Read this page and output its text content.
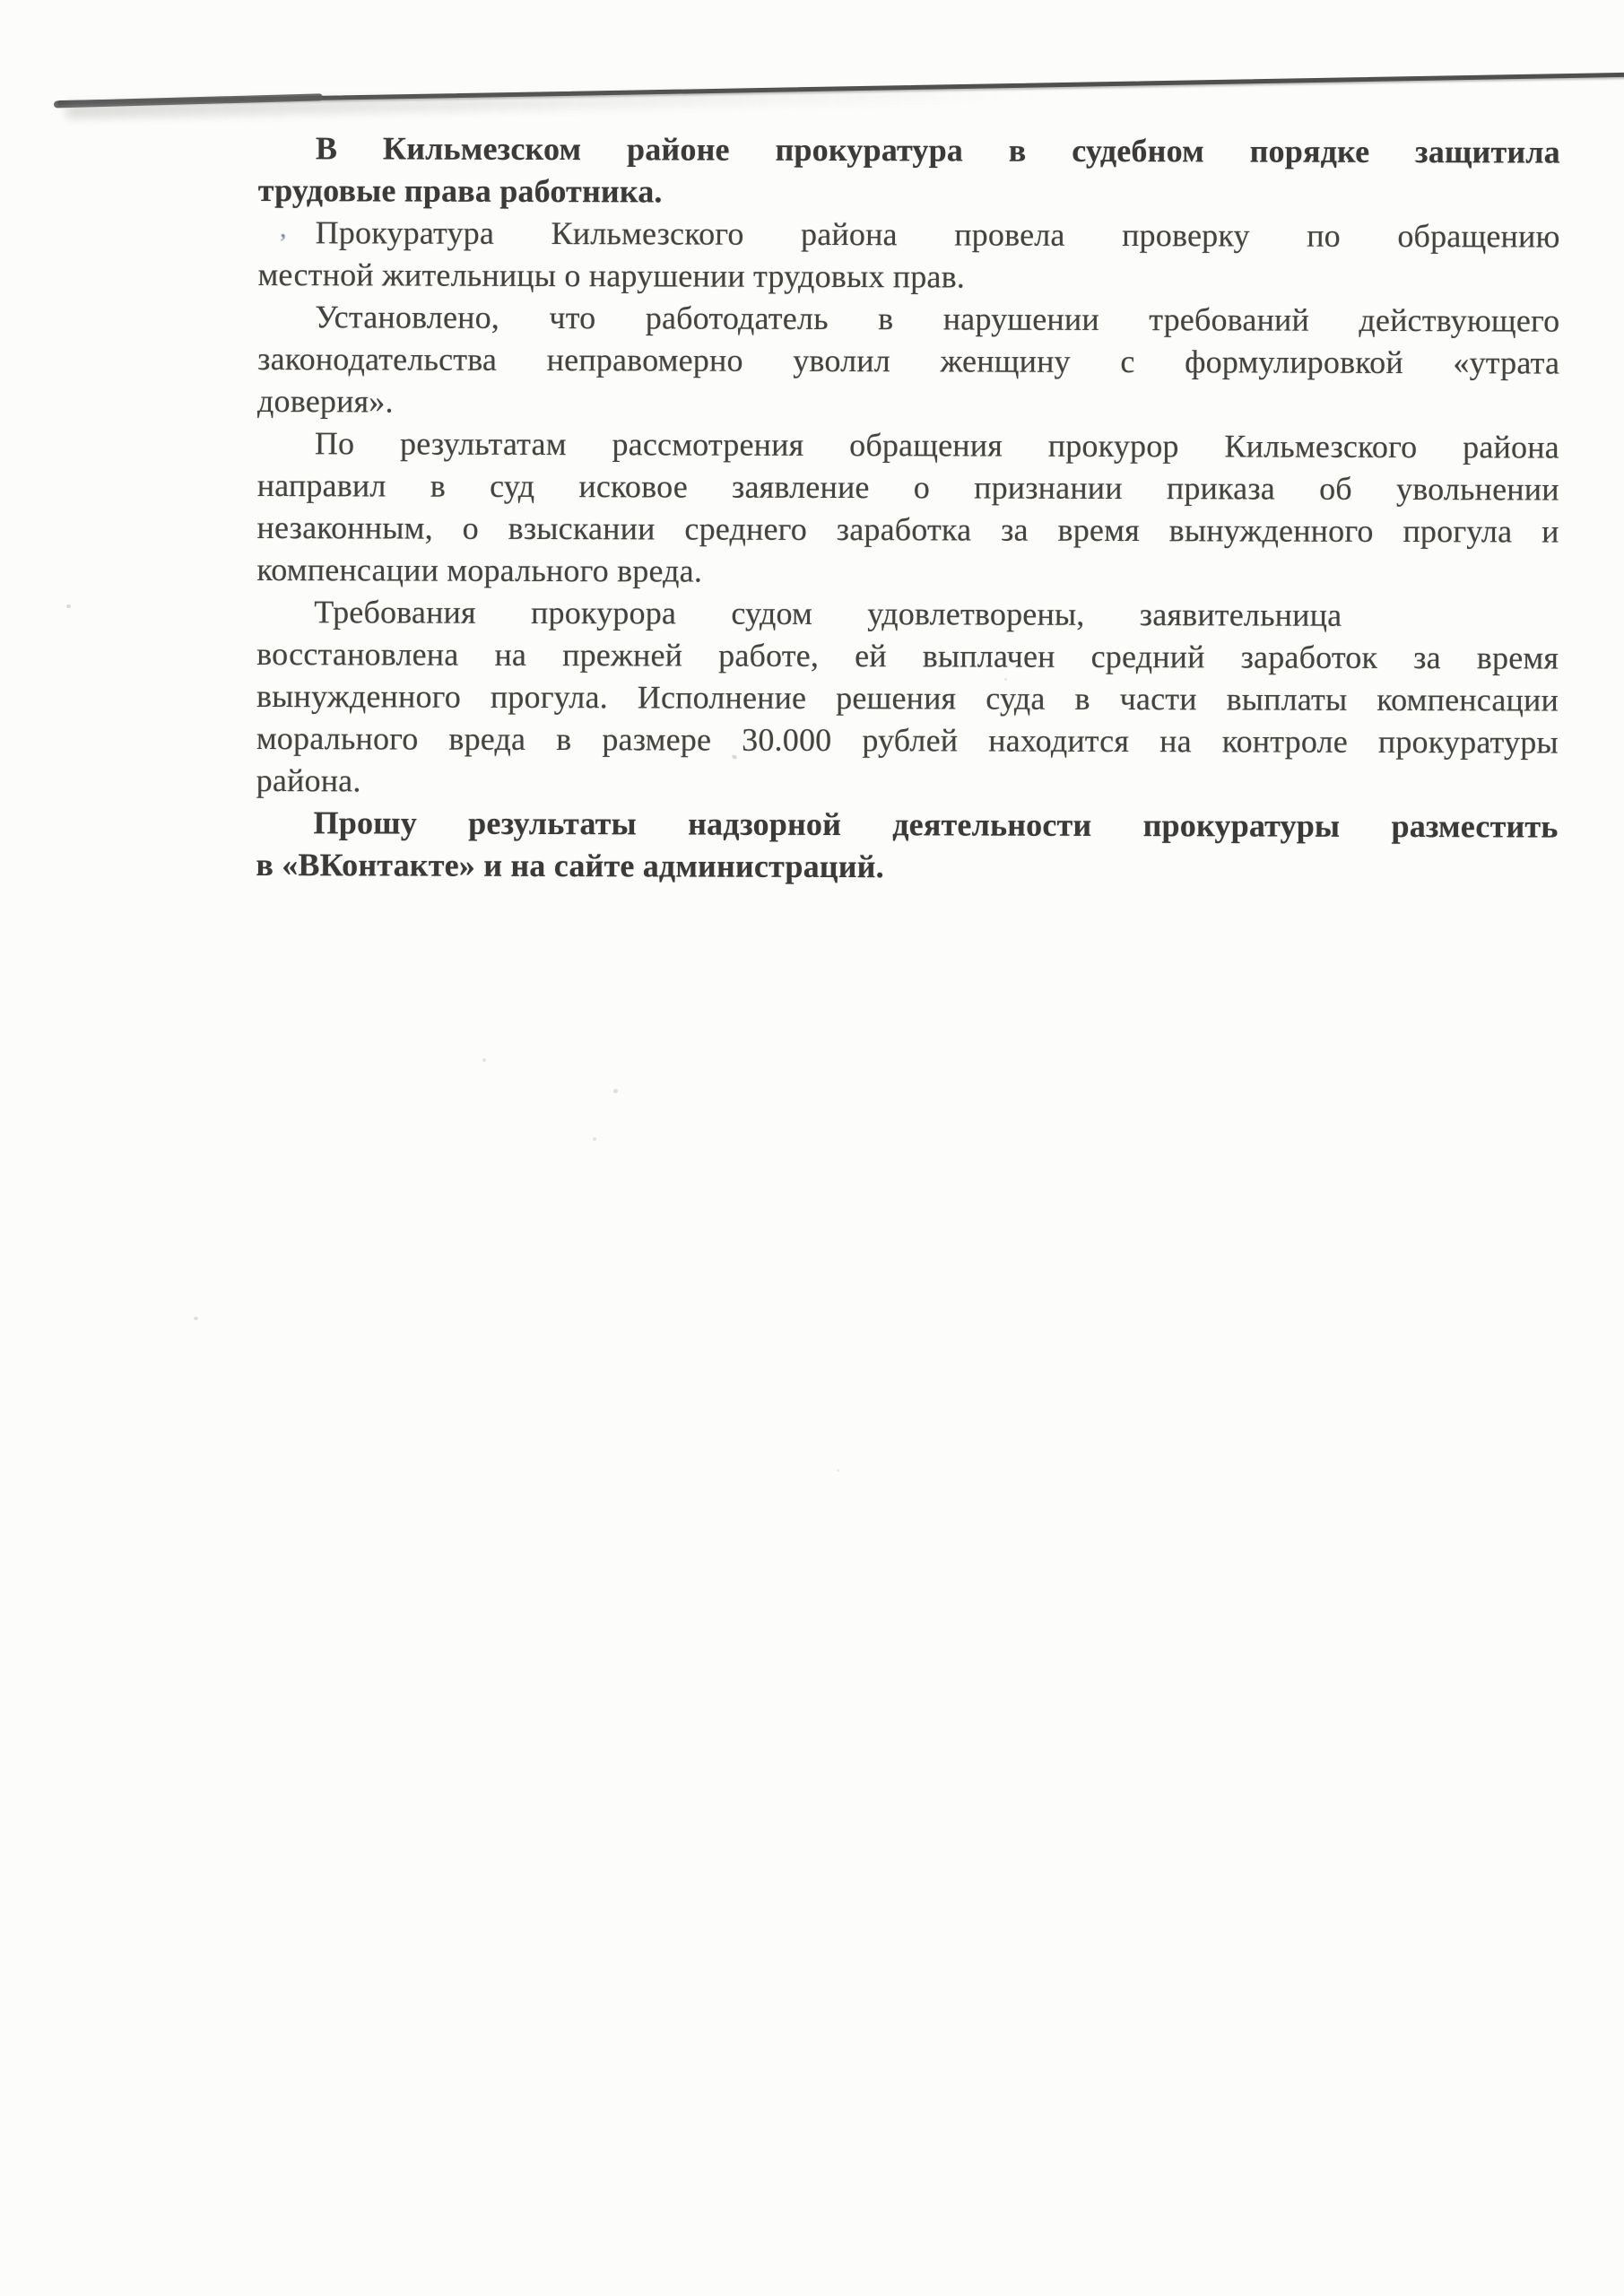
,
В Кильмезском районе прокуратура в судебном порядке защитила
трудовые права работника.
Прокуратура Кильмезского района провела проверку по обращению
местной жительницы о нарушении трудовых прав.
Установлено, что работодатель в нарушении требований действующего
законодательства неправомерно уволил женщину с формулировкой «утрата
доверия».
По результатам рассмотрения обращения прокурор Кильмезского района
направил в суд исковое заявление о признании приказа об увольнении
незаконным, о взыскании среднего заработка за время вынужденного прогула и
компенсации морального вреда.
Требования прокурора судом удовлетворены, заявительница
восстановлена на прежней работе, ей выплачен средний заработок за время
вынужденного прогула. Исполнение решения суда в части выплаты компенсации
морального вреда в размере 30.000 рублей находится на контроле прокуратуры
района.
Прошу результаты надзорной деятельности прокуратуры разместить
в «ВКонтакте» и на сайте администраций.
